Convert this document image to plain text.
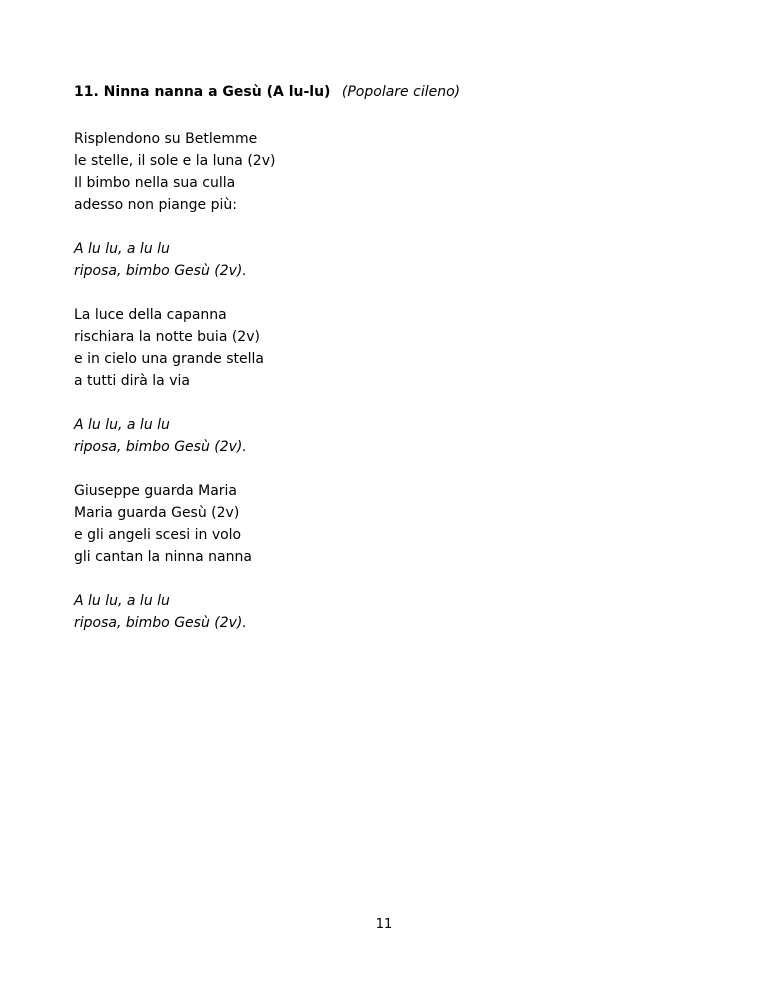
11. Ninna nanna a Gesù (A lu-lu) (Popolare cileno)
Risplendono su Betlemme
le stelle, il sole e la luna (2v)
Il bimbo nella sua culla
adesso non piange più:
A lu lu, a lu lu
riposa, bimbo Gesù (2v).
La luce della capanna
rischiara la notte buia (2v)
e in cielo una grande stella
a tutti dirà la via
A lu lu, a lu lu
riposa, bimbo Gesù (2v).
Giuseppe guarda Maria
Maria guarda Gesù (2v)
e gli angeli scesi in volo
gli cantan la ninna nanna
A lu lu, a lu lu
riposa, bimbo Gesù (2v).
11
